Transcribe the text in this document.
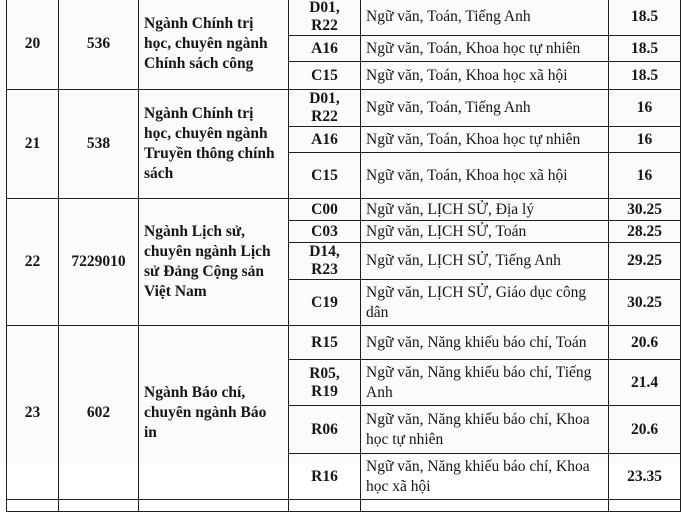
20	536	Ngành Chính trị học, chuyên ngành Chính sách công	D01, R22	Ngữ văn, Toán, Tiếng Anh	18.5
			A16	Ngữ văn, Toán, Khoa học tự nhiên	18.5
			C15	Ngữ văn, Toán, Khoa học xã hội	18.5
21	538	Ngành Chính trị học, chuyên ngành Truyền thông chính sách	D01, R22	Ngữ văn, Toán, Tiếng Anh	16
			A16	Ngữ văn, Toán, Khoa học tự nhiên	16
			C15	Ngữ văn, Toán, Khoa học xã hội	16
22	7229010	Ngành Lịch sử, chuyên ngành Lịch sử Đảng Cộng sản Việt Nam	C00	Ngữ văn, LỊCH SỬ, Địa lý	30.25
			C03	Ngữ văn, LỊCH SỬ, Toán	28.25
			D14, R23	Ngữ văn, LỊCH SỬ, Tiếng Anh	29.25
			C19	Ngữ văn, LỊCH SỬ, Giáo dục công dân	30.25
23	602	Ngành Báo chí, chuyên ngành Báo in	R15	Ngữ văn, Năng khiếu báo chí, Toán	20.6
			R05, R19	Ngữ văn, Năng khiếu báo chí, Tiếng Anh	21.4
			R06	Ngữ văn, Năng khiếu báo chí, Khoa học tự nhiên	20.6
			R16	Ngữ văn, Năng khiếu báo chí, Khoa học xã hội	23.35
